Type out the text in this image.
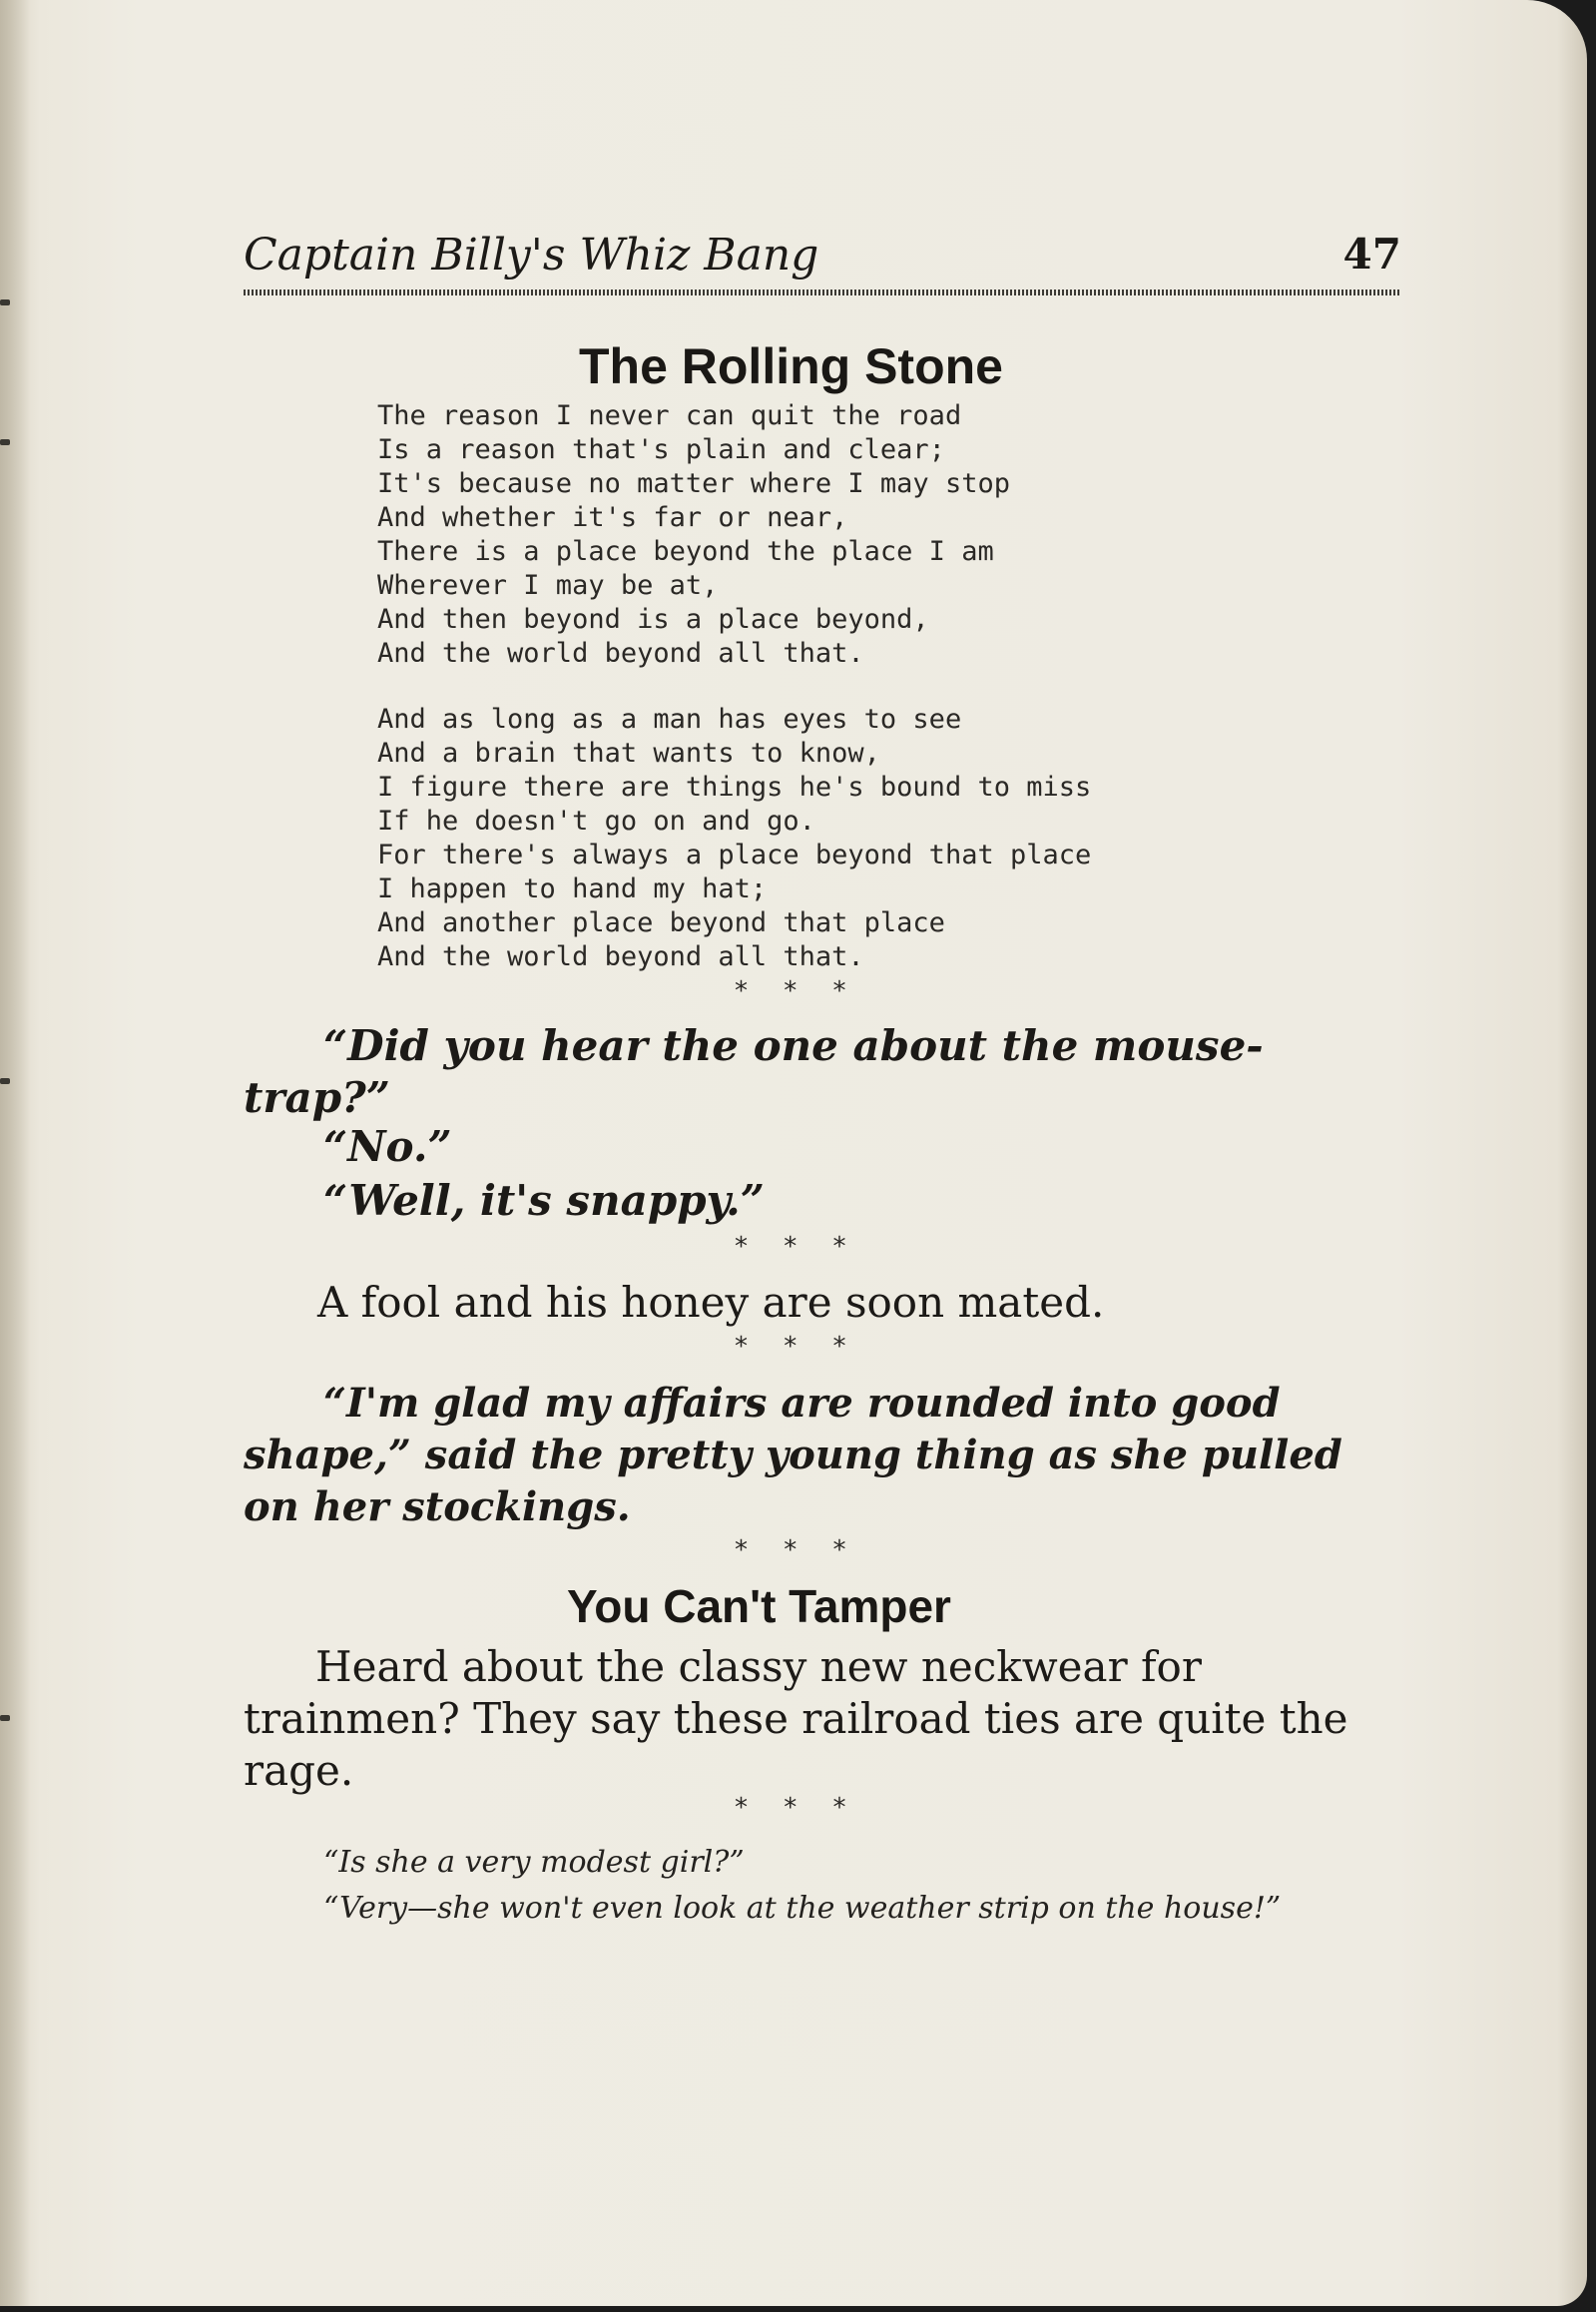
Captain Billy's Whiz Bang	47
The Rolling Stone
The reason I never can quit the road
Is a reason that's plain and clear;
It's because no matter where I may stop
And whether it's far or near,
There is a place beyond the place I am
Wherever I may be at,
And then beyond is a place beyond,
And the world beyond all that.
And as long as a man has eyes to see
And a brain that wants to know,
I figure there are things he's bound to miss
If he doesn't go on and go.
For there's always a place beyond that place
I happen to hand my hat;
And another place beyond that place
And the world beyond all that.
* * *
“Did you hear the one about the mouse-trap?”
“No.”
“Well, it's snappy.”
* * *
A fool and his honey are soon mated.
* * *
“I'm glad my affairs are rounded into good shape,” said the pretty young thing as she pulled on her stockings.
* * *
You Can't Tamper
Heard about the classy new neckwear for trainmen? They say these railroad ties are quite the rage.
* * *
“Is she a very modest girl?”
“Very—she won't even look at the weather strip on the house!”
